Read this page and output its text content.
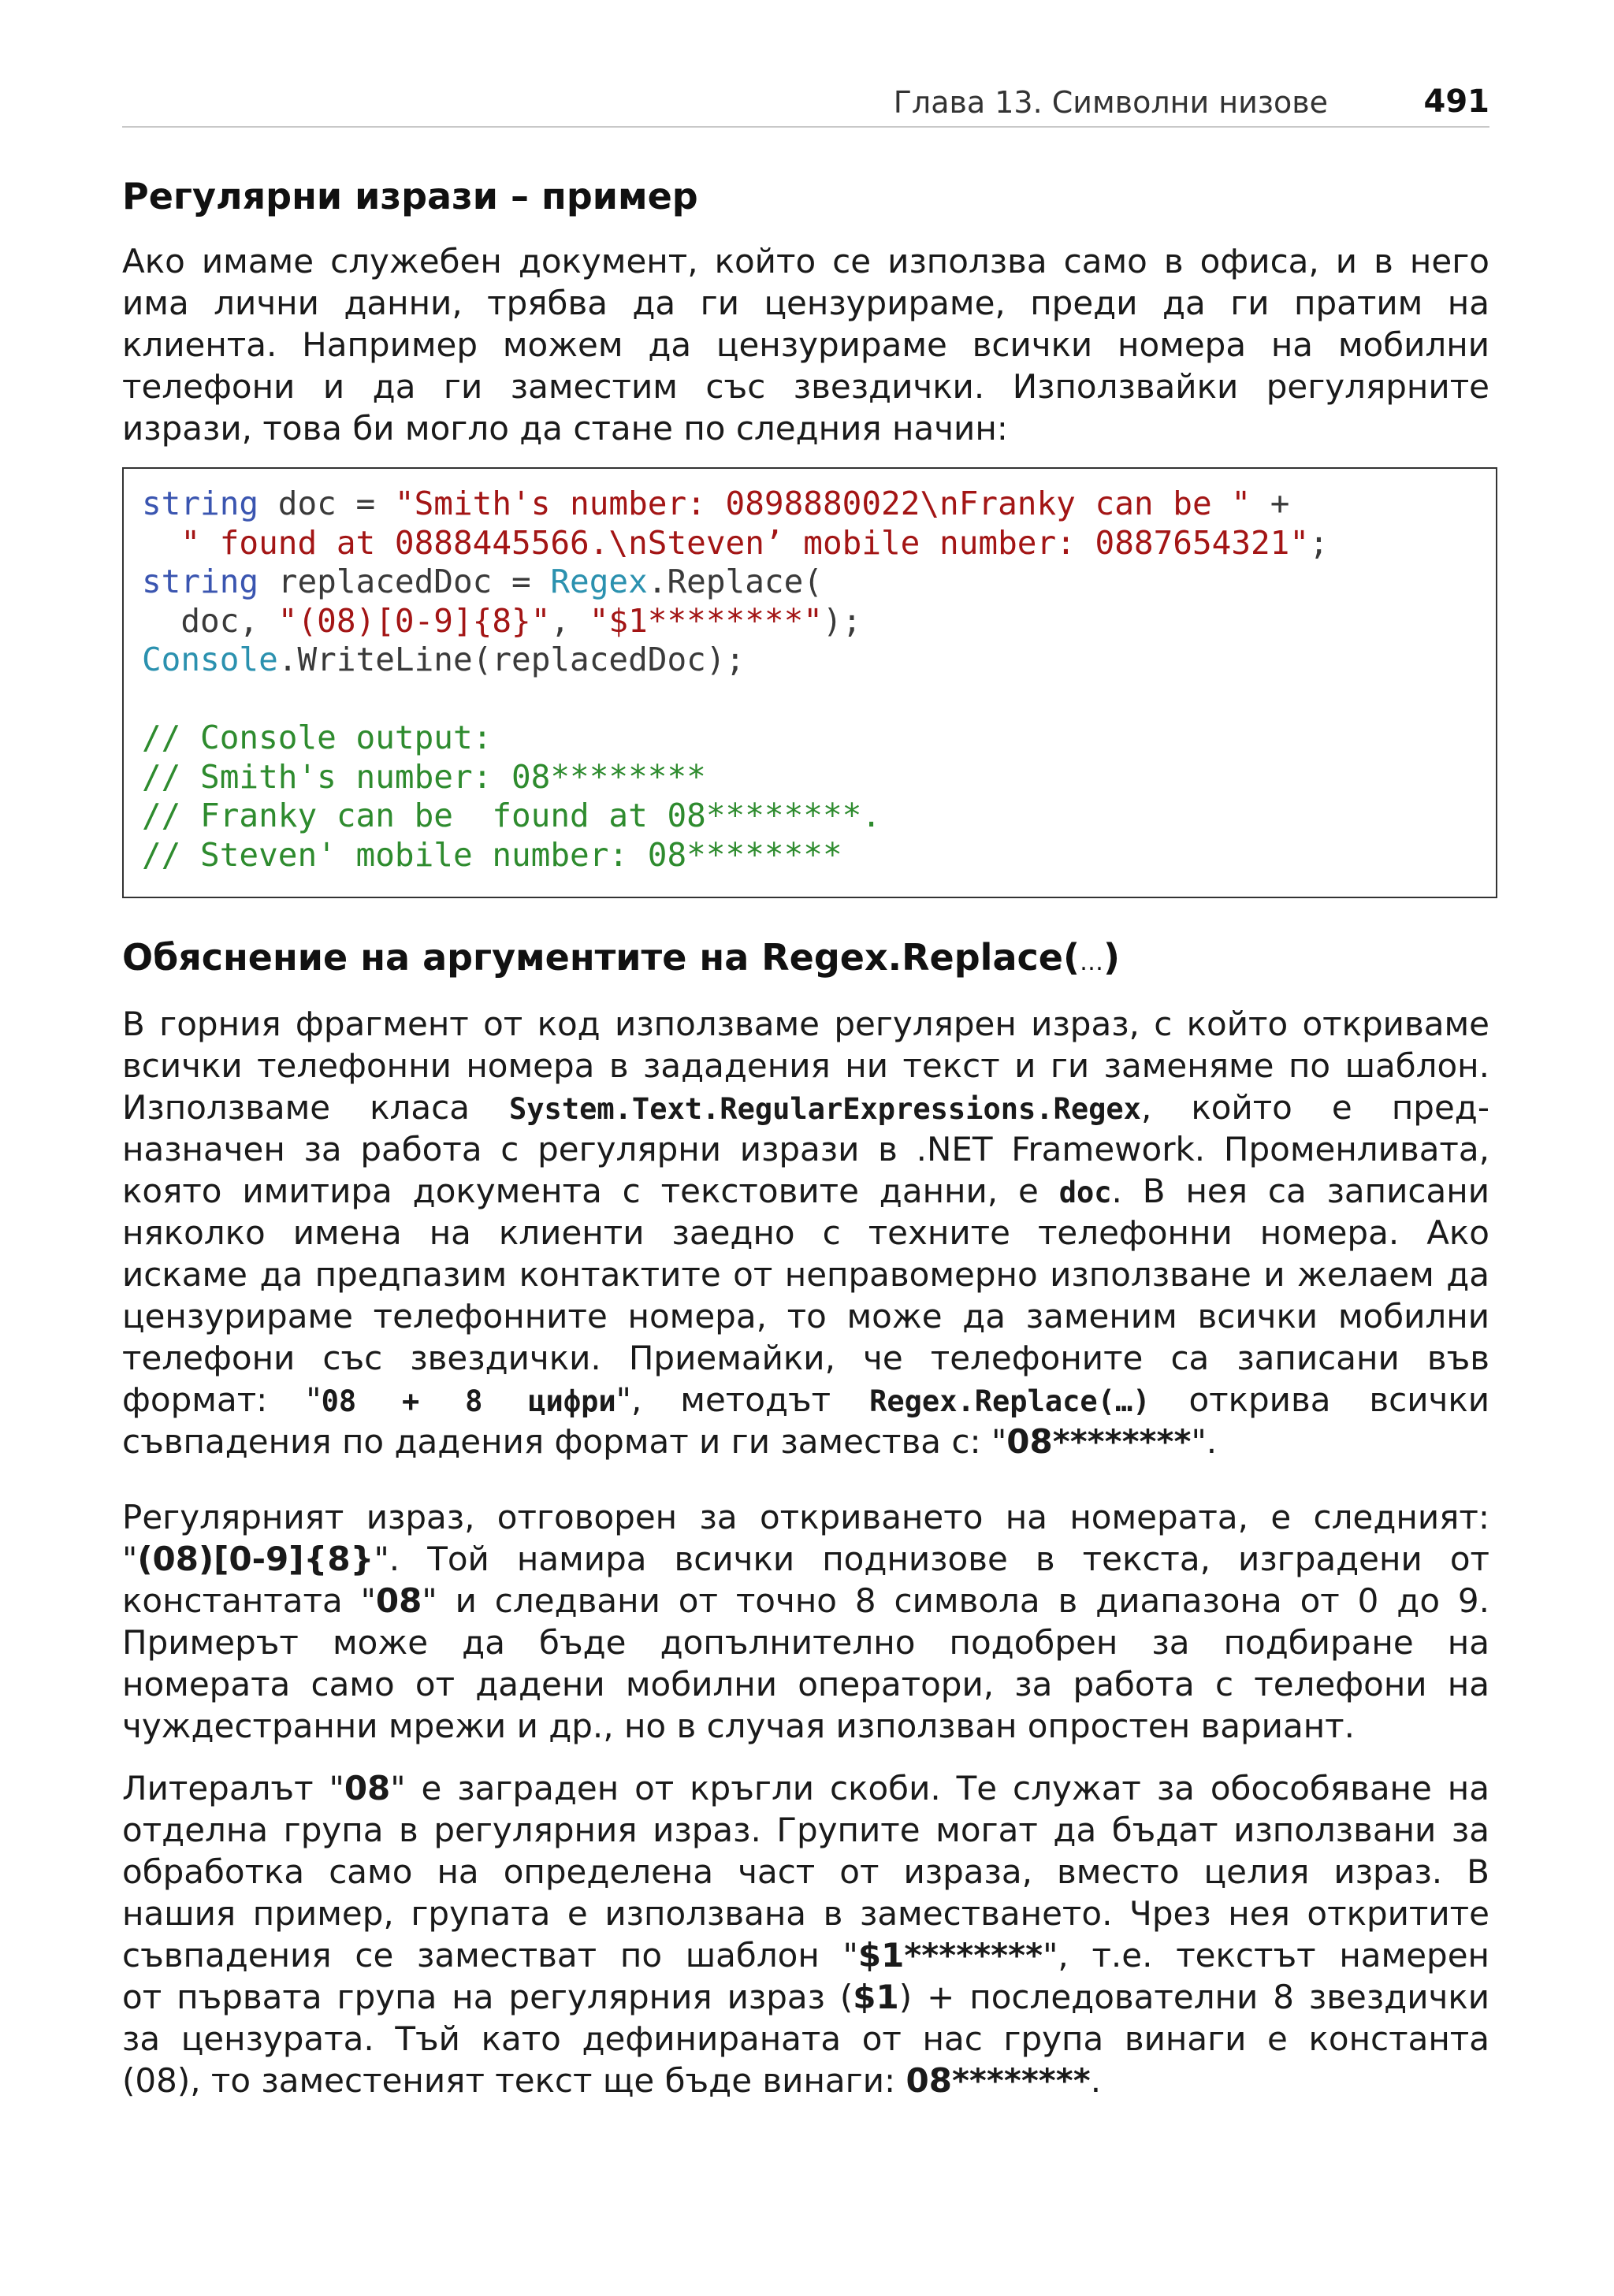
Глава 13. Символни низове	491
Регулярни изрази – пример
Ако имаме служебен документ, който се използва само в офиса, и в него
има лични данни, трябва да ги цензурираме, преди да ги пратим на
клиента. Например можем да цензурираме всички номера на мобилни
телефони и да ги заместим със звездички. Използвайки регулярните
изрази, това би могло да стане по следния начин:
string doc = "Smith's number: 0898880022\nFranky can be " +
" found at 0888445566.\nSteven’ mobile number: 0887654321";
string replacedDoc = Regex.Replace(
doc, "(08)[0-9]{8}", "$1********");
Console.WriteLine(replacedDoc);

// Console output:
// Smith's number: 08********
// Franky can be  found at 08********.
// Steven' mobile number: 08********
Обяснение на аргументите на Regex.Replace(…)
В горния фрагмент от код използваме регулярен израз, с който откриваме
всички телефонни номера в зададения ни текст и ги заменяме по шаблон.
Използваме класа System.Text.RegularExpressions.Regex, който е пред-
назначен за работа с регулярни изрази в .NET Framework. Променливата,
която имитира документа с текстовите данни, е doc. В нея са записани
няколко имена на клиенти заедно с техните телефонни номера. Ако
искаме да предпазим контактите от неправомерно използване и желаем да
цензурираме телефонните номера, то може да заменим всички мобилни
телефони със звездички. Приемайки, че телефоните са записани във
формат: "08 + 8 цифри", методът Regex.Replace(…) открива всички
съвпадения по дадения формат и ги замества с: "08********".
Регулярният израз, отговорен за откриването на номерата, е следният:
"(08)[0-9]{8}". Той намира всички поднизове в текста, изградени от
константата "08" и следвани от точно 8 символа в диапазона от 0 до 9.
Примерът може да бъде допълнително подобрен за подбиране на
номерата само от дадени мобилни оператори, за работа с телефони на
чуждестранни мрежи и др., но в случая използван опростен вариант.
Литералът "08" е заграден от кръгли скоби. Те служат за обособяване на
отделна група в регулярния израз. Групите могат да бъдат използвани за
обработка само на определена част от израза, вместо целия израз. В
нашия пример, групата е използвана в заместването. Чрез нея откритите
съвпадения се заместват по шаблон "$1********", т.е. текстът намерен
от първата група на регулярния израз ($1) + последователни 8 звездички
за цензурата. Тъй като дефинираната от нас група винаги е константа
(08), то заместеният текст ще бъде винаги: 08********.
